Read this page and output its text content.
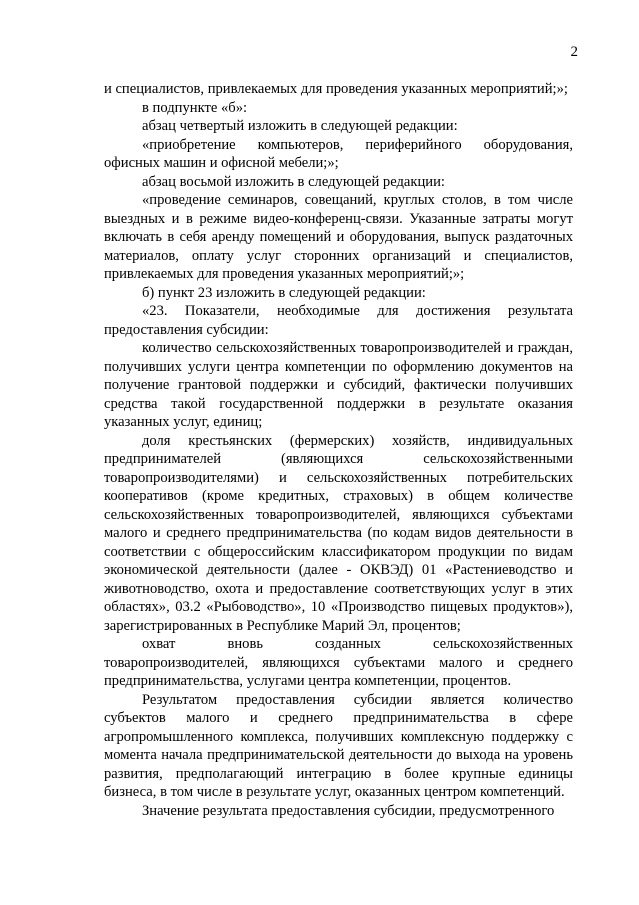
2

и специалистов, привлекаемых для проведения указанных мероприятий;»;

в подпункте «б»:

абзац четвертый изложить в следующей редакции:

«приобретение компьютеров, периферийного оборудования, офисных машин и офисной мебели;»;

абзац восьмой изложить в следующей редакции:

«проведение семинаров, совещаний, круглых столов, в том числе выездных и в режиме видео-конференц-связи. Указанные затраты могут включать в себя аренду помещений и оборудования, выпуск раздаточных материалов, оплату услуг сторонних организаций и специалистов, привлекаемых для проведения указанных мероприятий;»;

б) пункт 23 изложить в следующей редакции:

«23. Показатели, необходимые для достижения результата предоставления субсидии:

количество сельскохозяйственных товаропроизводителей и граждан, получивших услуги центра компетенции по оформлению документов на получение грантовой поддержки и субсидий, фактически получивших средства такой государственной поддержки в результате оказания указанных услуг, единиц;

доля крестьянских (фермерских) хозяйств, индивидуальных предпринимателей (являющихся сельскохозяйственными товаропроизводителями) и сельскохозяйственных потребительских кооперативов (кроме кредитных, страховых) в общем количестве сельскохозяйственных товаропроизводителей, являющихся субъектами малого и среднего предпринимательства (по кодам видов деятельности в соответствии с общероссийским классификатором продукции по видам экономической деятельности (далее - ОКВЭД) 01 «Растениеводство и животноводство, охота и предоставление соответствующих услуг в этих областях», 03.2 «Рыбоводство», 10 «Производство пищевых продуктов»), зарегистрированных в Республике Марий Эл, процентов;

охват вновь созданных сельскохозяйственных товаропроизводителей, являющихся субъектами малого и среднего предпринимательства, услугами центра компетенции, процентов.

Результатом предоставления субсидии является количество субъектов малого и среднего предпринимательства в сфере агропромышленного комплекса, получивших комплексную поддержку с момента начала предпринимательской деятельности до выхода на уровень развития, предполагающий интеграцию в более крупные единицы бизнеса, в том числе в результате услуг, оказанных центром компетенций.

Значение результата предоставления субсидии, предусмотренного
